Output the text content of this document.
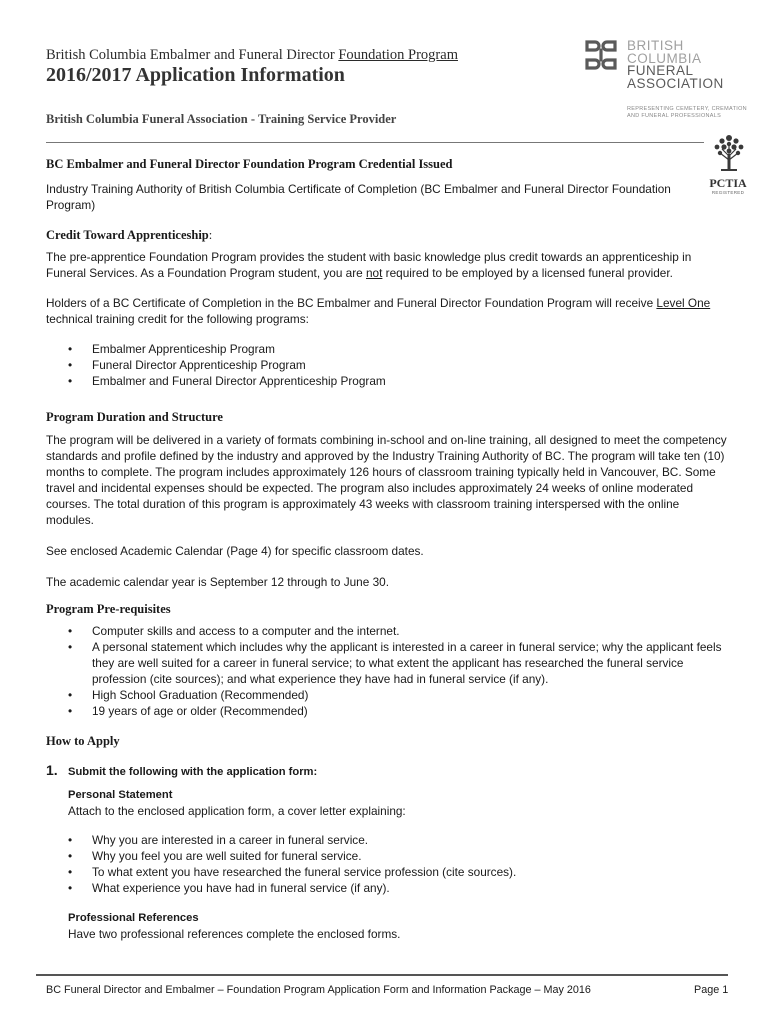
British Columbia Embalmer and Funeral Director Foundation Program
2016/2017 Application Information
British Columbia Funeral Association - Training Service Provider
BRITISH
COLUMBIA
FUNERAL
ASSOCIATION
REPRESENTING CEMETERY, CREMATION
AND FUNERAL PROFESSIONALS
PCTIA
REGISTERED
BC Embalmer and Funeral Director Foundation Program Credential Issued

Industry Training Authority of British Columbia Certificate of Completion (BC Embalmer and Funeral Director Foundation Program)

Credit Toward Apprenticeship:

The pre-apprentice Foundation Program provides the student with basic knowledge plus credit towards an apprenticeship in Funeral Services. As a Foundation Program student, you are not required to be employed by a licensed funeral provider.

Holders of a BC Certificate of Completion in the BC Embalmer and Funeral Director Foundation Program will receive Level One technical training credit for the following programs:

• Embalmer Apprenticeship Program
• Funeral Director Apprenticeship Program
• Embalmer and Funeral Director Apprenticeship Program
Program Duration and Structure

The program will be delivered in a variety of formats combining in-school and on-line training, all designed to meet the competency standards and profile defined by the industry and approved by the Industry Training Authority of BC. The program will take ten (10) months to complete. The program includes approximately 126 hours of classroom training typically held in Vancouver, BC. Some travel and incidental expenses should be expected. The program also includes approximately 24 weeks of online moderated courses. The total duration of this program is approximately 43 weeks with classroom training interspersed with the online modules.

See enclosed Academic Calendar (Page 4) for specific classroom dates.

The academic calendar year is September 12 through to June 30.

Program Pre-requisites
• Computer skills and access to a computer and the internet.
• A personal statement which includes why the applicant is interested in a career in funeral service; why the applicant feels they are well suited for a career in funeral service; to what extent the applicant has researched the funeral service profession (cite sources); and what experience they have had in funeral service (if any).
• High School Graduation (Recommended)
• 19 years of age or older (Recommended)
How to Apply
1. Submit the following with the application form:
Personal Statement

Attach to the enclosed application form, a cover letter explaining:

• Why you are interested in a career in funeral service.
• Why you feel you are well suited for funeral service.
• To what extent you have researched the funeral service profession (cite sources).
• What experience you have had in funeral service (if any).
Professional References

Have two professional references complete the enclosed forms.

BC Funeral Director and Embalmer – Foundation Program Application Form and Information Package – May 2016	Page 1
